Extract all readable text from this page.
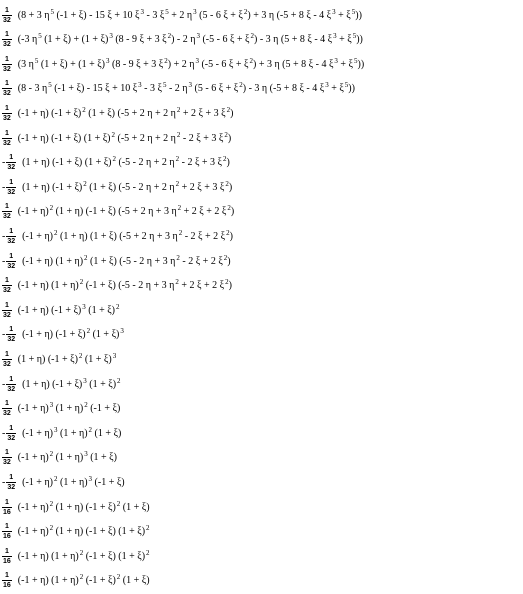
$\frac{1}{32} (8 + 3$ $\eta^5$ (-1 + ξ) - 15 ξ + 10 $\xi^3 - 3$ $\xi^5 + 2$ $\eta^3$ (5 - 6 $\xi + \xi^2) + 3$ η (-5 + 8 ξ - 4 $\xi^3 + \xi^5$))
$\frac{1}{32} (-3$ $\eta^5$ $(1 + \xi) + (1 + \xi)^3$ (8 - 9 ξ + 3 $\xi^2) - 2$ $\eta^3$ (-5 - 6 $\xi + \xi^2) - 3$ η (5 + 8 ξ - 4 $\xi^3 + \xi^5$))
$\frac{1}{32} (3$ $\eta^5$ $(1 + \xi) + (1 + \xi)^3$ (8 - 9 ξ + 3 $\xi^2) + 2$ $\eta^3$ (-5 - 6 $\xi + \xi^2) + 3$ η (5 + 8 ξ - 4 $\xi^3 + \xi^5$))
$\frac{1}{32} (8 - 3$ $\eta^5$ (-1 + ξ) - 15 ξ + 10 $\xi^3 - 3$ $\xi^5 - 2$ $\eta^3$ (5 - 6 $\xi + \xi^2) - 3$ η (-5 + 8 ξ - 4 $\xi^3 + \xi^5$))
$\frac{1}{32} (-1 + \eta) (-1 + \xi)^2$ (1 + ξ) (-5 + 2 η + 2 $\eta^2 + 2$ ξ + 3 $\xi^2$)
$\frac{1}{32} (-1 + \eta) (-1 + \xi) (1 + \xi)^2$ (-5 + 2 η + 2 $\eta^2 - 2$ ξ + 3 $\xi^2$)
- $\frac{1}{32} (1 + \eta) (-1 + \xi) (1 + \xi)^2$ (-5 - 2 η + 2 $\eta^2 - 2$ ξ + 3 $\xi^2$)
- $\frac{1}{32} (1 + \eta) (-1 + \xi)^2$ (1 + ξ) (-5 - 2 η + 2 $\eta^2 + 2$ ξ + 3 $\xi^2$)
$\frac{1}{32} (-1 + \eta)^2$ (1 + η) (-1 + ξ) (-5 + 2 η + 3 $\eta^2 + 2$ ξ + 2 $\xi^2$)
- $\frac{1}{32} (-1 + \eta)^2$ (1 + η) (1 + ξ) (-5 + 2 η + 3 $\eta^2 - 2$ ξ + 2 $\xi^2$)
- $\frac{1}{32} (-1 + \eta) (1 + \eta)^2$ (1 + ξ) (-5 - 2 η + 3 $\eta^2 - 2$ ξ + 2 $\xi^2$)
$\frac{1}{32} (-1 + \eta) (1 + \eta)^2$ (-1 + ξ) (-5 - 2 η + 3 $\eta^2 + 2$ ξ + 2 $\xi^2$)
$\frac{1}{32} (-1 + \eta) (-1 + \xi)^3$ $(1 + \xi)^2$
- $\frac{1}{32} (-1 + \eta) (-1 + \xi)^2$ $(1 + \xi)^3$
$\frac{1}{32} (1 + \eta) (-1 + \xi)^2$ $(1 + \xi)^3$
- $\frac{1}{32} (1 + \eta) (-1 + \xi)^3$ $(1 + \xi)^2$
$\frac{1}{32} (-1 + \eta)^3$ $(1 + \eta)^2$ (-1 + ξ)
- $\frac{1}{32} (-1 + \eta)^3$ $(1 + \eta)^2$ (1 + ξ)
$\frac{1}{32} (-1 + \eta)^2$ $(1 + \eta)^3$ (1 + ξ)
- $\frac{1}{32} (-1 + \eta)^2$ $(1 + \eta)^3$ (-1 + ξ)
$\frac{1}{16} (-1 + \eta)^2$ (1 + η) $(-1 + \xi)^2$ (1 + ξ)
$\frac{1}{16} (-1 + \eta)^2$ (1 + η) (-1 + ξ) $(1 + \xi)^2$
$\frac{1}{16} (-1 + \eta) (1 + \eta)^2$ (-1 + ξ) $(1 + \xi)^2$
$\frac{1}{16} (-1 + \eta) (1 + \eta)^2$ $(-1 + \xi)^2$ (1 + ξ)
